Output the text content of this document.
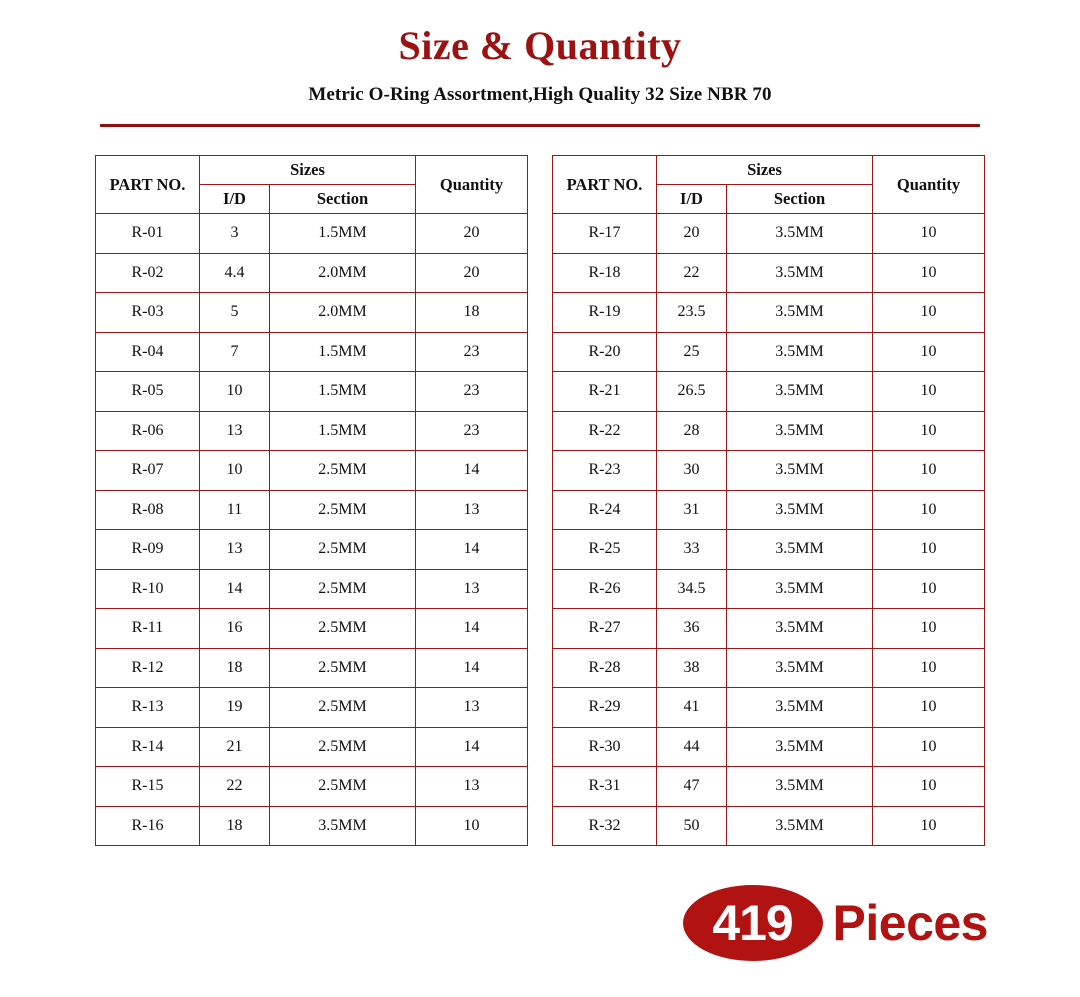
Size & Quantity
Metric O-Ring Assortment,High Quality 32 Size NBR 70
PART NO.	Sizes		Quantity
	I/D	Section	
R-01	3	1.5MM	20
R-02	4.4	2.0MM	20
R-03	5	2.0MM	18
R-04	7	1.5MM	23
R-05	10	1.5MM	23
R-06	13	1.5MM	23
R-07	10	2.5MM	14
R-08	11	2.5MM	13
R-09	13	2.5MM	14
R-10	14	2.5MM	13
R-11	16	2.5MM	14
R-12	18	2.5MM	14
R-13	19	2.5MM	13
R-14	21	2.5MM	14
R-15	22	2.5MM	13
R-16	18	3.5MM	10
PART NO.	Sizes		Quantity
	I/D	Section	
R-17	20	3.5MM	10
R-18	22	3.5MM	10
R-19	23.5	3.5MM	10
R-20	25	3.5MM	10
R-21	26.5	3.5MM	10
R-22	28	3.5MM	10
R-23	30	3.5MM	10
R-24	31	3.5MM	10
R-25	33	3.5MM	10
R-26	34.5	3.5MM	10
R-27	36	3.5MM	10
R-28	38	3.5MM	10
R-29	41	3.5MM	10
R-30	44	3.5MM	10
R-31	47	3.5MM	10
R-32	50	3.5MM	10
419 Pieces
